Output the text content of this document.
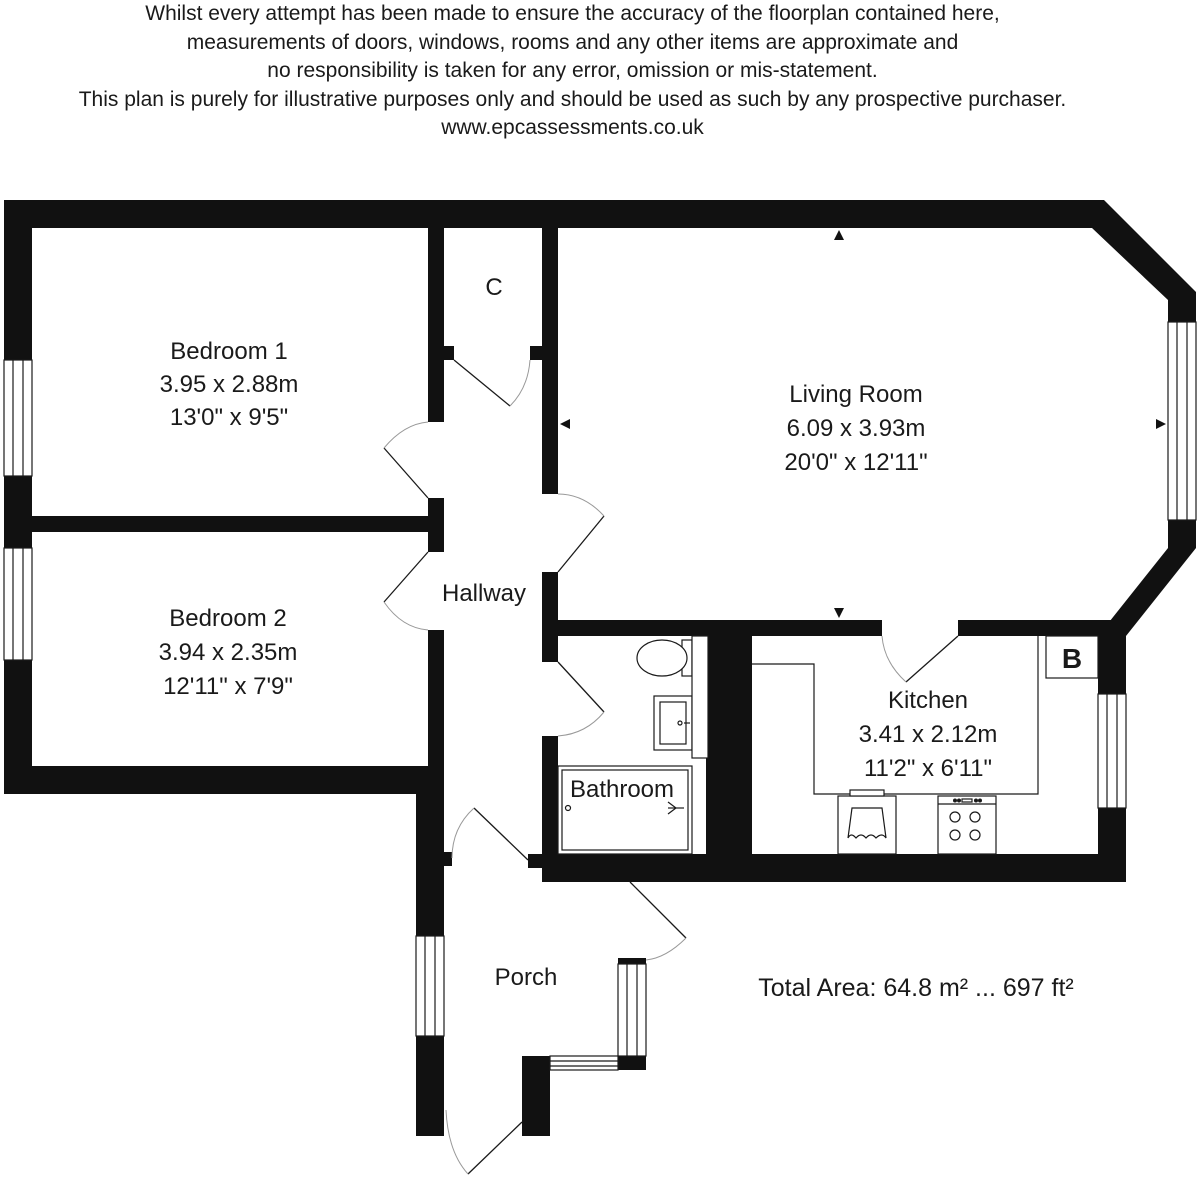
Whilst every attempt has been made to ensure the accuracy of the floorplan contained here,
measurements of doors, windows, rooms and any other items are approximate and
no responsibility is taken for any error, omission or mis-statement.
This plan is purely for illustrative purposes only and should be used as such by any prospective purchaser.
www.epcassessments.co.uk
B
Bedroom 1
3.95 x 2.88m
13'0" x 9'5"
Bedroom 2
3.94 x 2.35m
12'11" x 7'9"
Living Room
6.09 x 3.93m
20'0" x 12'11"
Kitchen
3.41 x 2.12m
11'2" x 6'11"
C
Hallway
Bathroom
Porch	Total Area: 64.8 m² ... 697 ft²
